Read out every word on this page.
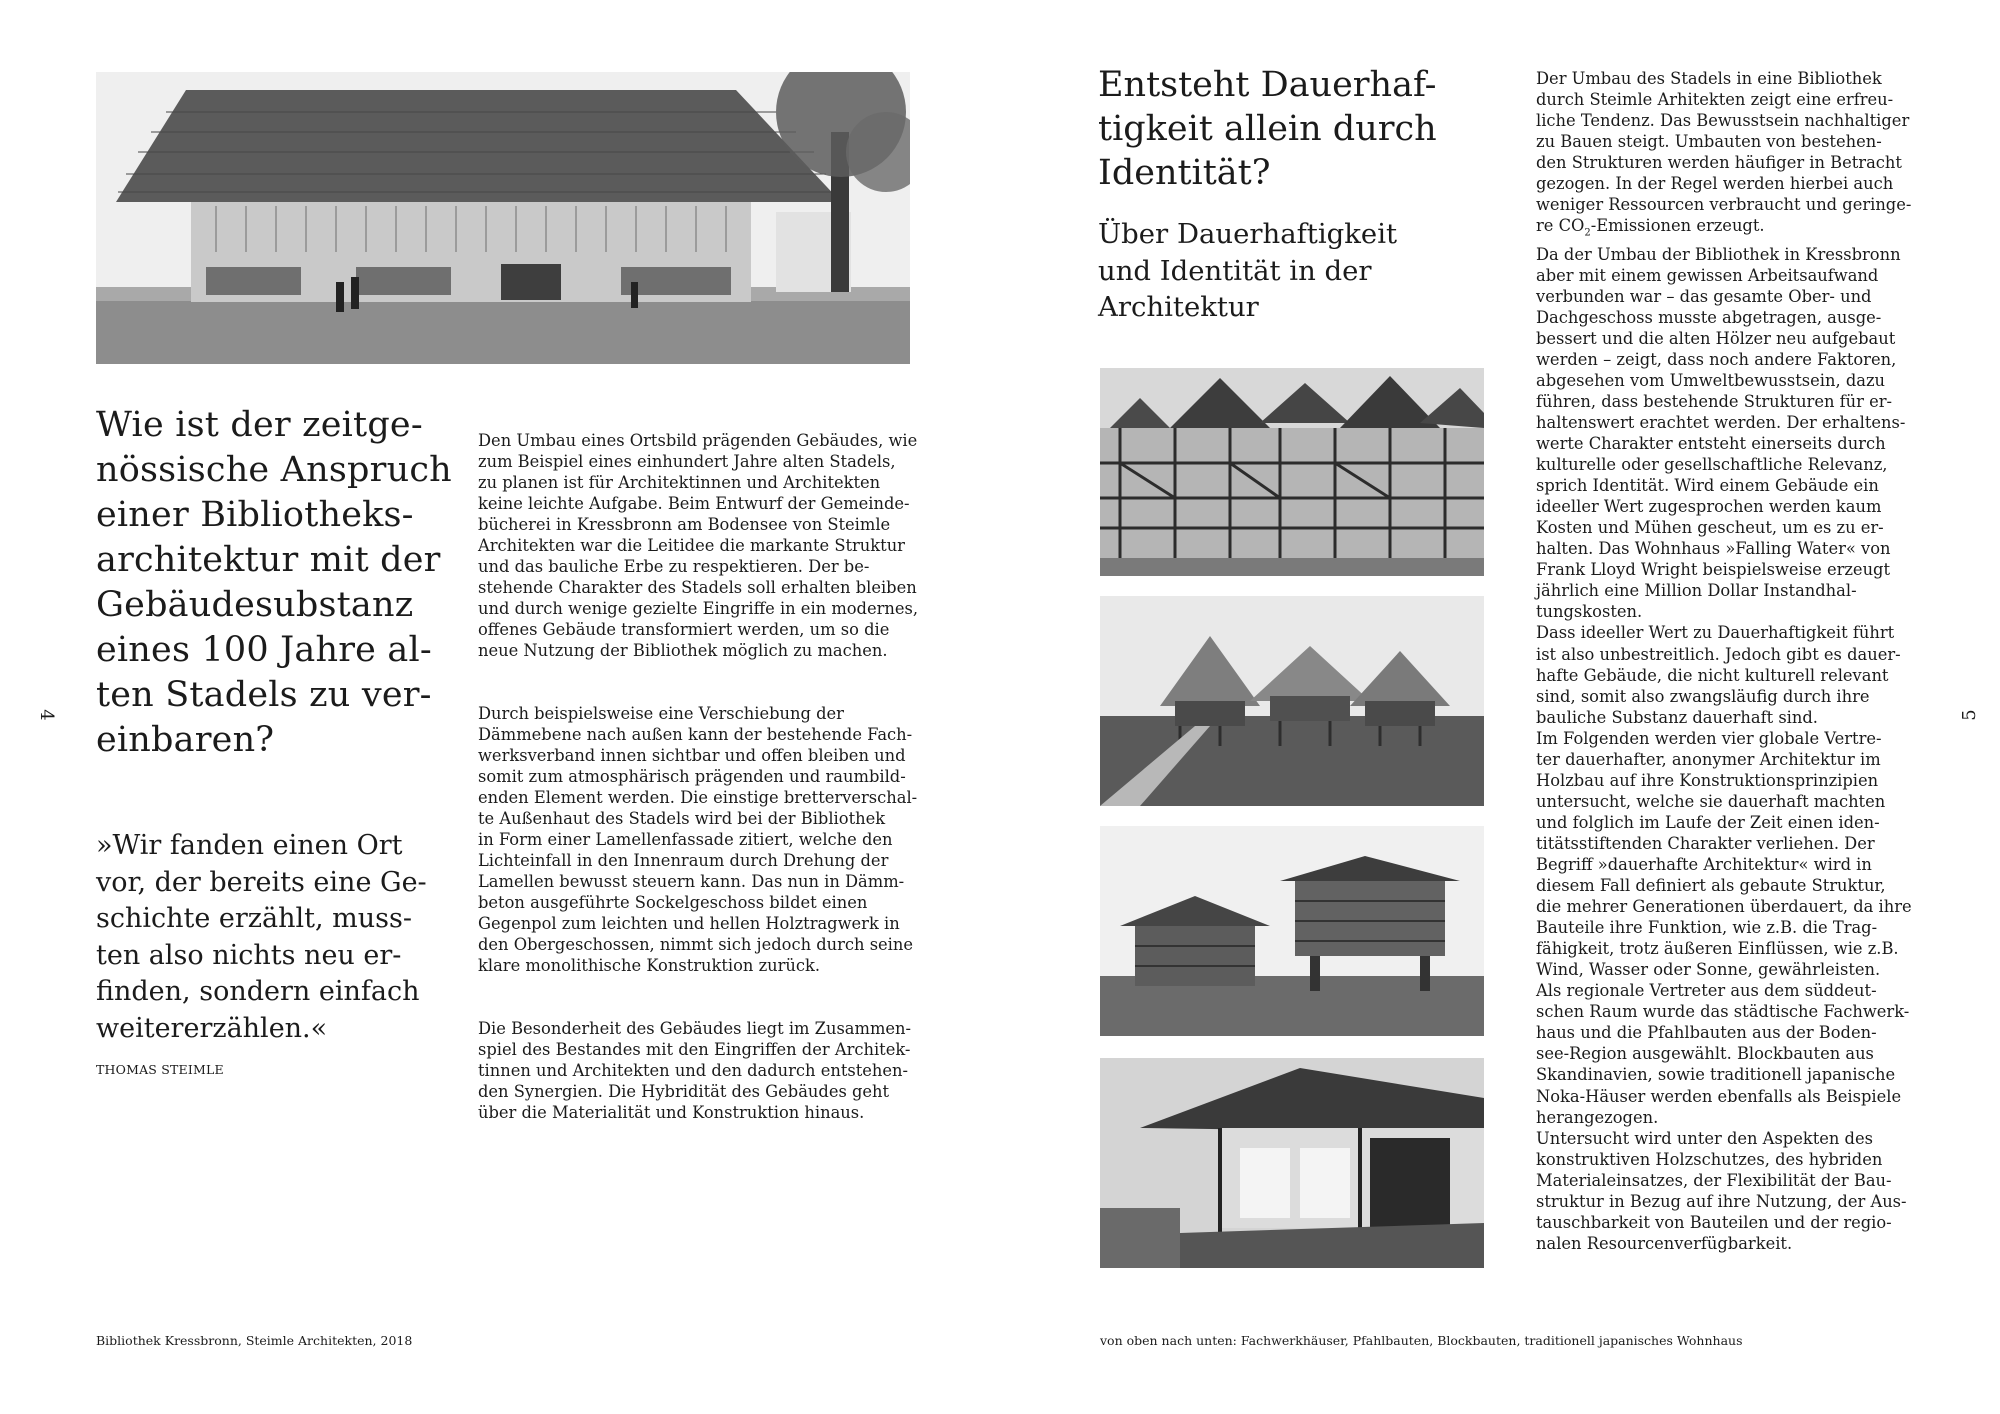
Wie ist der zeitge-
nössische Anspruch
einer Bibliotheks-
architektur mit der
Gebäudesubstanz
eines 100 Jahre al-
ten Stadels zu ver-
einbaren?

»Wir fanden einen Ort
vor, der bereits eine Ge-
schichte erzählt, muss-
ten also nichts neu er-
finden, sondern einfach
weitererzählen.«

THOMAS STEIMLE

Den Umbau eines Ortsbild prägenden Gebäudes, wie
zum Beispiel eines einhundert Jahre alten Stadels,
zu planen ist für Architektinnen und Architekten
keine leichte Aufgabe. Beim Entwurf der Gemeinde-
bücherei in Kressbronn am Bodensee von Steimle
Architekten war die Leitidee die markante Struktur
und das bauliche Erbe zu respektieren. Der be-
stehende Charakter des Stadels soll erhalten bleiben
und durch wenige gezielte Eingriffe in ein modernes,
offenes Gebäude transformiert werden, um so die
neue Nutzung der Bibliothek möglich zu machen.

Durch beispielsweise eine Verschiebung der
Dämmebene nach außen kann der bestehende Fach-
werksverband innen sichtbar und offen bleiben und
somit zum atmosphärisch prägenden und raumbild-
enden Element werden. Die einstige bretterverschal-
te Außenhaut des Stadels wird bei der Bibliothek
in Form einer Lamellenfassade zitiert, welche den
Lichteinfall in den Innenraum durch Drehung der
Lamellen bewusst steuern kann. Das nun in Dämm-
beton ausgeführte Sockelgeschoss bildet einen
Gegenpol zum leichten und hellen Holztragwerk in
den Obergeschossen, nimmt sich jedoch durch seine
klare monolithische Konstruktion zurück.

Die Besonderheit des Gebäudes liegt im Zusammen-
spiel des Bestandes mit den Eingriffen der Architek-
tinnen und Architekten und den dadurch entstehen-
den Synergien. Die Hybridität des Gebäudes geht
über die Materialität und Konstruktion hinaus.

4
Bibliothek Kressbronn, Steimle Architekten, 2018
Entsteht Dauerhaf-
tigkeit allein durch
Identität?
Über Dauerhaftigkeit
und Identität in der
Architektur
Der Umbau des Stadels in eine Bibliothek
durch Steimle Arhitekten zeigt eine erfreu-
liche Tendenz. Das Bewusstsein nachhaltiger
zu Bauen steigt. Umbauten von bestehen-
den Strukturen werden häufiger in Betracht
gezogen. In der Regel werden hierbei auch
weniger Ressourcen verbraucht und geringe-
re $CO_2$-Emissionen erzeugt.
Da der Umbau der Bibliothek in Kressbronn
aber mit einem gewissen Arbeitsaufwand
verbunden war – das gesamte Ober- und
Dachgeschoss musste abgetragen, ausge-
bessert und die alten Hölzer neu aufgebaut
werden – zeigt, dass noch andere Faktoren,
abgesehen vom Umweltbewusstsein, dazu
führen, dass bestehende Strukturen für er-
haltenswert erachtet werden. Der erhaltens-
werte Charakter entsteht einerseits durch
kulturelle oder gesellschaftliche Relevanz,
sprich Identität. Wird einem Gebäude ein
ideeller Wert zugesprochen werden kaum
Kosten und Mühen gescheut, um es zu er-
halten. Das Wohnhaus »Falling Water« von
Frank Lloyd Wright beispielsweise erzeugt
jährlich eine Million Dollar Instandhal-
tungskosten.
Dass ideeller Wert zu Dauerhaftigkeit führt
ist also unbestreitlich. Jedoch gibt es dauer-
hafte Gebäude, die nicht kulturell relevant
sind, somit also zwangsläufig durch ihre
bauliche Substanz dauerhaft sind.
Im Folgenden werden vier globale Vertre-
ter dauerhafter, anonymer Architektur im
Holzbau auf ihre Konstruktionsprinzipien
untersucht, welche sie dauerhaft machten
und folglich im Laufe der Zeit einen iden-
titätsstiftenden Charakter verliehen. Der
Begriff »dauerhafte Architektur« wird in
diesem Fall definiert als gebaute Struktur,
die mehrer Generationen überdauert, da ihre
Bauteile ihre Funktion, wie z.B. die Trag-
fähigkeit, trotz äußeren Einflüssen, wie z.B.
Wind, Wasser oder Sonne, gewährleisten.
Als regionale Vertreter aus dem süddeut-
schen Raum wurde das städtische Fachwerk-
haus und die Pfahlbauten aus der Boden-
see-Region ausgewählt. Blockbauten aus
Skandinavien, sowie traditionell japanische
Noka-Häuser werden ebenfalls als Beispiele
herangezogen.
Untersucht wird unter den Aspekten des
konstruktiven Holzschutzes, des hybriden
Materialeinsatzes, der Flexibilität der Bau-
struktur in Bezug auf ihre Nutzung, der Aus-
tauschbarkeit von Bauteilen und der regio-
nalen Resourcenverfügbarkeit.
5
von oben nach unten: Fachwerkhäuser, Pfahlbauten, Blockbauten, traditionell japanisches Wohnhaus
